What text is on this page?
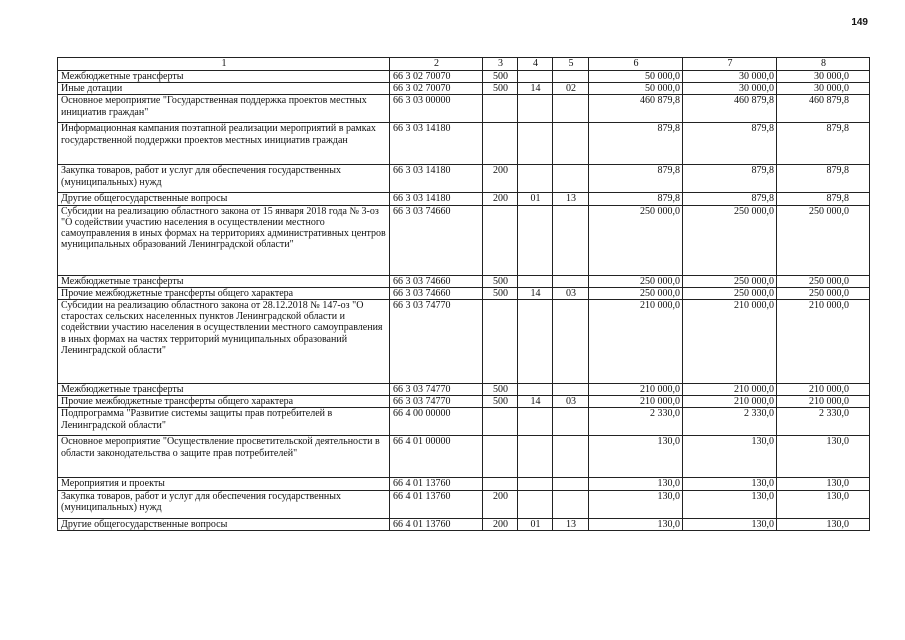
149
1	2	3	4	5	6	7	8
Межбюджетные трансферты	66 3 02 70070	500			50 000,0	30 000,0	30 000,0
Иные дотации	66 3 02 70070	500	14	02	50 000,0	30 000,0	30 000,0
Основное мероприятие "Государственная поддержка проектов местных инициатив граждан"	66 3 03 00000				460 879,8	460 879,8	460 879,8
Информационная кампания поэтапной реализации мероприятий в рамках государственной поддержки проектов местных инициатив граждан	66 3 03 14180				879,8	879,8	879,8
Закупка товаров, работ и услуг для обеспечения государственных (муниципальных) нужд	66 3 03 14180	200			879,8	879,8	879,8
Другие общегосударственные вопросы	66 3 03 14180	200	01	13	879,8	879,8	879,8
Субсидии на реализацию областного закона от 15 января 2018 года № 3-оз "О содействии участию населения в осуществлении местного самоуправления в иных формах на территориях административных центров муниципальных образований Ленинградской области"	66 3 03 74660				250 000,0	250 000,0	250 000,0
Межбюджетные трансферты	66 3 03 74660	500			250 000,0	250 000,0	250 000,0
Прочие межбюджетные трансферты общего характера	66 3 03 74660	500	14	03	250 000,0	250 000,0	250 000,0
Субсидии на реализацию областного закона от 28.12.2018 № 147-оз "О старостах сельских населенных пунктов Ленинградской области и содействии участию населения в осуществлении местного самоуправления в иных формах на частях территорий муниципальных образований Ленинградской области"	66 3 03 74770				210 000,0	210 000,0	210 000,0
Межбюджетные трансферты	66 3 03 74770	500			210 000,0	210 000,0	210 000,0
Прочие межбюджетные трансферты общего характера	66 3 03 74770	500	14	03	210 000,0	210 000,0	210 000,0
Подпрограмма "Развитие системы защиты прав потребителей в Ленинградской области"	66 4 00 00000				2 330,0	2 330,0	2 330,0
Основное мероприятие "Осуществление просветительской деятельности в области законодательства о защите прав потребителей"	66 4 01 00000				130,0	130,0	130,0
Мероприятия и проекты	66 4 01 13760				130,0	130,0	130,0
Закупка товаров, работ и услуг для обеспечения государственных (муниципальных) нужд	66 4 01 13760	200			130,0	130,0	130,0
Другие общегосударственные вопросы	66 4 01 13760	200	01	13	130,0	130,0	130,0
